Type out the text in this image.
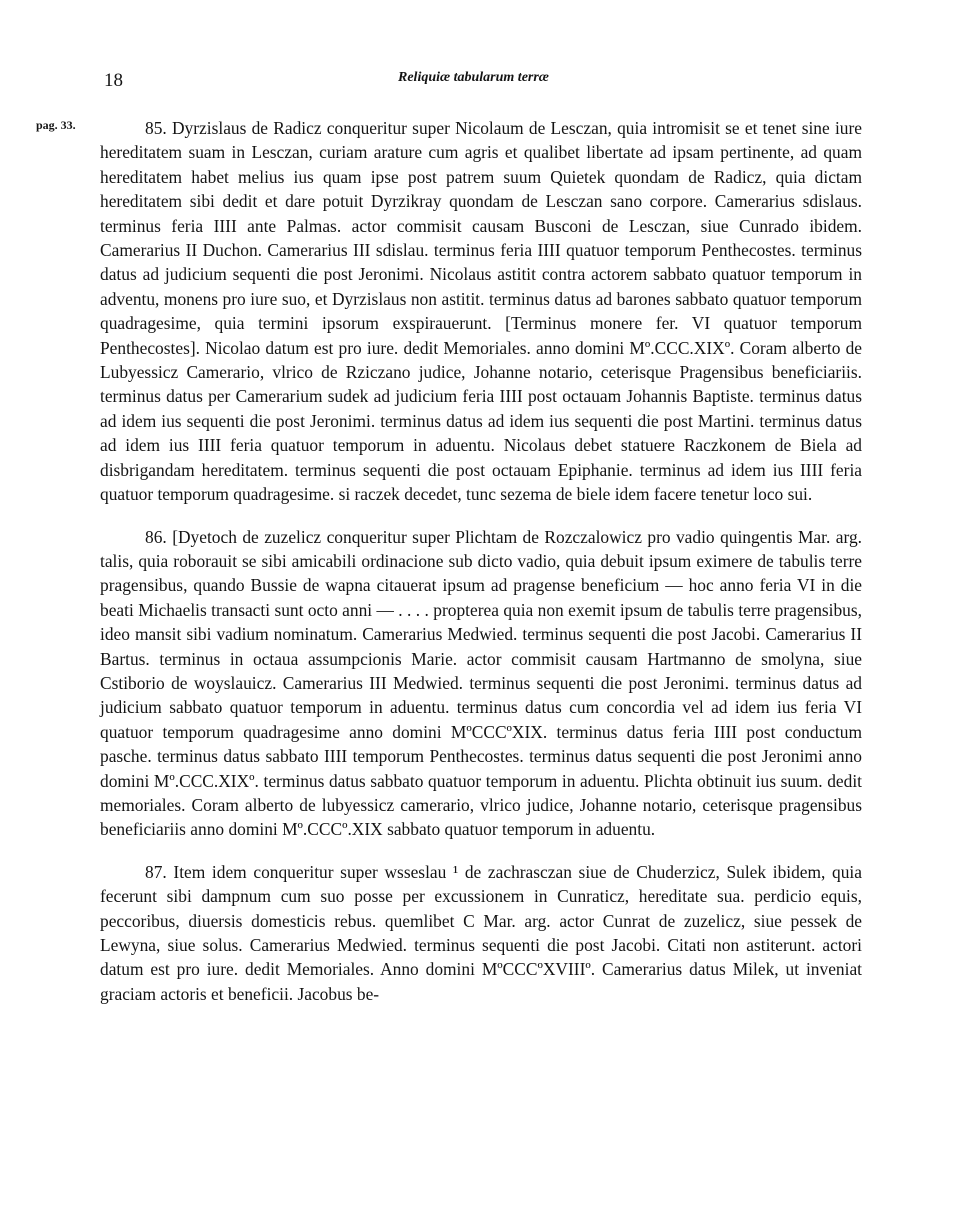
18	Reliquiæ tabularum terræ
pag. 33.	85. Dyrzislaus de Radicz conqueritur super Nicolaum de Lesczan, quia intromisit se et tenet sine iure hereditatem suam in Lesczan, curiam arature cum agris et qualibet libertate ad ipsam pertinente, ad quam hereditatem habet melius ius quam ipse post patrem suum Quietek quondam de Radicz, quia dictam hereditatem sibi dedit et dare potuit Dyrzikray quondam de Lesczan sano corpore. Camerarius sdislaus. terminus feria IIII ante Palmas. actor commisit causam Busconi de Lesczan, siue Cunrado ibidem. Camerarius II Duchon. Camerarius III sdislau. terminus feria IIII quatuor temporum Penthecostes. terminus datus ad judicium sequenti die post Jeronimi. Nicolaus astitit contra actorem sabbato quatuor temporum in adventu, monens pro iure suo, et Dyrzislaus non astitit. terminus datus ad barones sabbato quatuor temporum quadragesime, quia termini ipsorum exspirauerunt. [Terminus monere fer. VI quatuor temporum Penthecostes]. Nicolao datum est pro iure. dedit Memoriales. anno domini Mº.CCC.XIXº. Coram alberto de Lubyessicz Camerario, vlrico de Rziczano judice, Johanne notario, ceterisque Pragensibus beneficiariis. terminus datus per Camerarium sudek ad judicium feria IIII post octauam Johannis Baptiste. terminus datus ad idem ius sequenti die post Jeronimi. terminus datus ad idem ius sequenti die post Martini. terminus datus ad idem ius IIII feria quatuor temporum in aduentu. Nicolaus debet statuere Raczkonem de Biela ad disbrigandam hereditatem. terminus sequenti die post octauam Epiphanie. terminus ad idem ius IIII feria quatuor temporum quadragesime. si raczek decedet, tunc sezema de biele idem facere tenetur loco sui.

86. [Dyetoch de zuzelicz conqueritur super Plichtam de Rozczalowicz pro vadio quingentis Mar. arg. talis, quia roborauit se sibi amicabili ordinacione sub dicto vadio, quia debuit ipsum eximere de tabulis terre pragensibus, quando Bussie de wapna citauerat ipsum ad pragense beneficium — hoc anno feria VI in die beati Michaelis transacti sunt octo anni — . . . . propterea quia non exemit ipsum de tabulis terre pragensibus, ideo mansit sibi vadium nominatum. Camerarius Medwied. terminus sequenti die post Jacobi. Camerarius II Bartus. terminus in octaua assumpcionis Marie. actor commisit causam Hartmanno de smolyna, siue Cstiborio de woyslauicz. Camerarius III Medwied. terminus sequenti die post Jeronimi. terminus datus ad judicium sabbato quatuor temporum in aduentu. terminus datus cum concordia vel ad idem ius feria VI quatuor temporum quadragesime anno domini MºCCCºXIX. terminus datus feria IIII post conductum pasche. terminus datus sabbato IIII temporum Penthecostes. terminus datus sequenti die post Jeronimi anno domini Mº.CCC.XIXº. terminus datus sabbato quatuor temporum in aduentu. Plichta obtinuit ius suum. dedit memoriales. Coram alberto de lubyessicz camerario, vlrico judice, Johanne notario, ceterisque pragensibus beneficiariis anno domini Mº.CCCº.XIX sabbato quatuor temporum in aduentu.

87. Item idem conqueritur super wsseslau ¹ de zachrasczan siue de Chuderzicz, Sulek ibidem, quia fecerunt sibi dampnum cum suo posse per excussionem in Cunraticz, hereditate sua. perdicio equis, peccoribus, diuersis domesticis rebus. quemlibet C Mar. arg. actor Cunrat de zuzelicz, siue pessek de Lewyna, siue solus. Camerarius Medwied. terminus sequenti die post Jacobi. Citati non astiterunt. actori datum est pro iure. dedit Memoriales. Anno domini MºCCCºXVIIIº. Camerarius datus Milek, ut inveniat graciam actoris et beneficii. Jacobus be-
